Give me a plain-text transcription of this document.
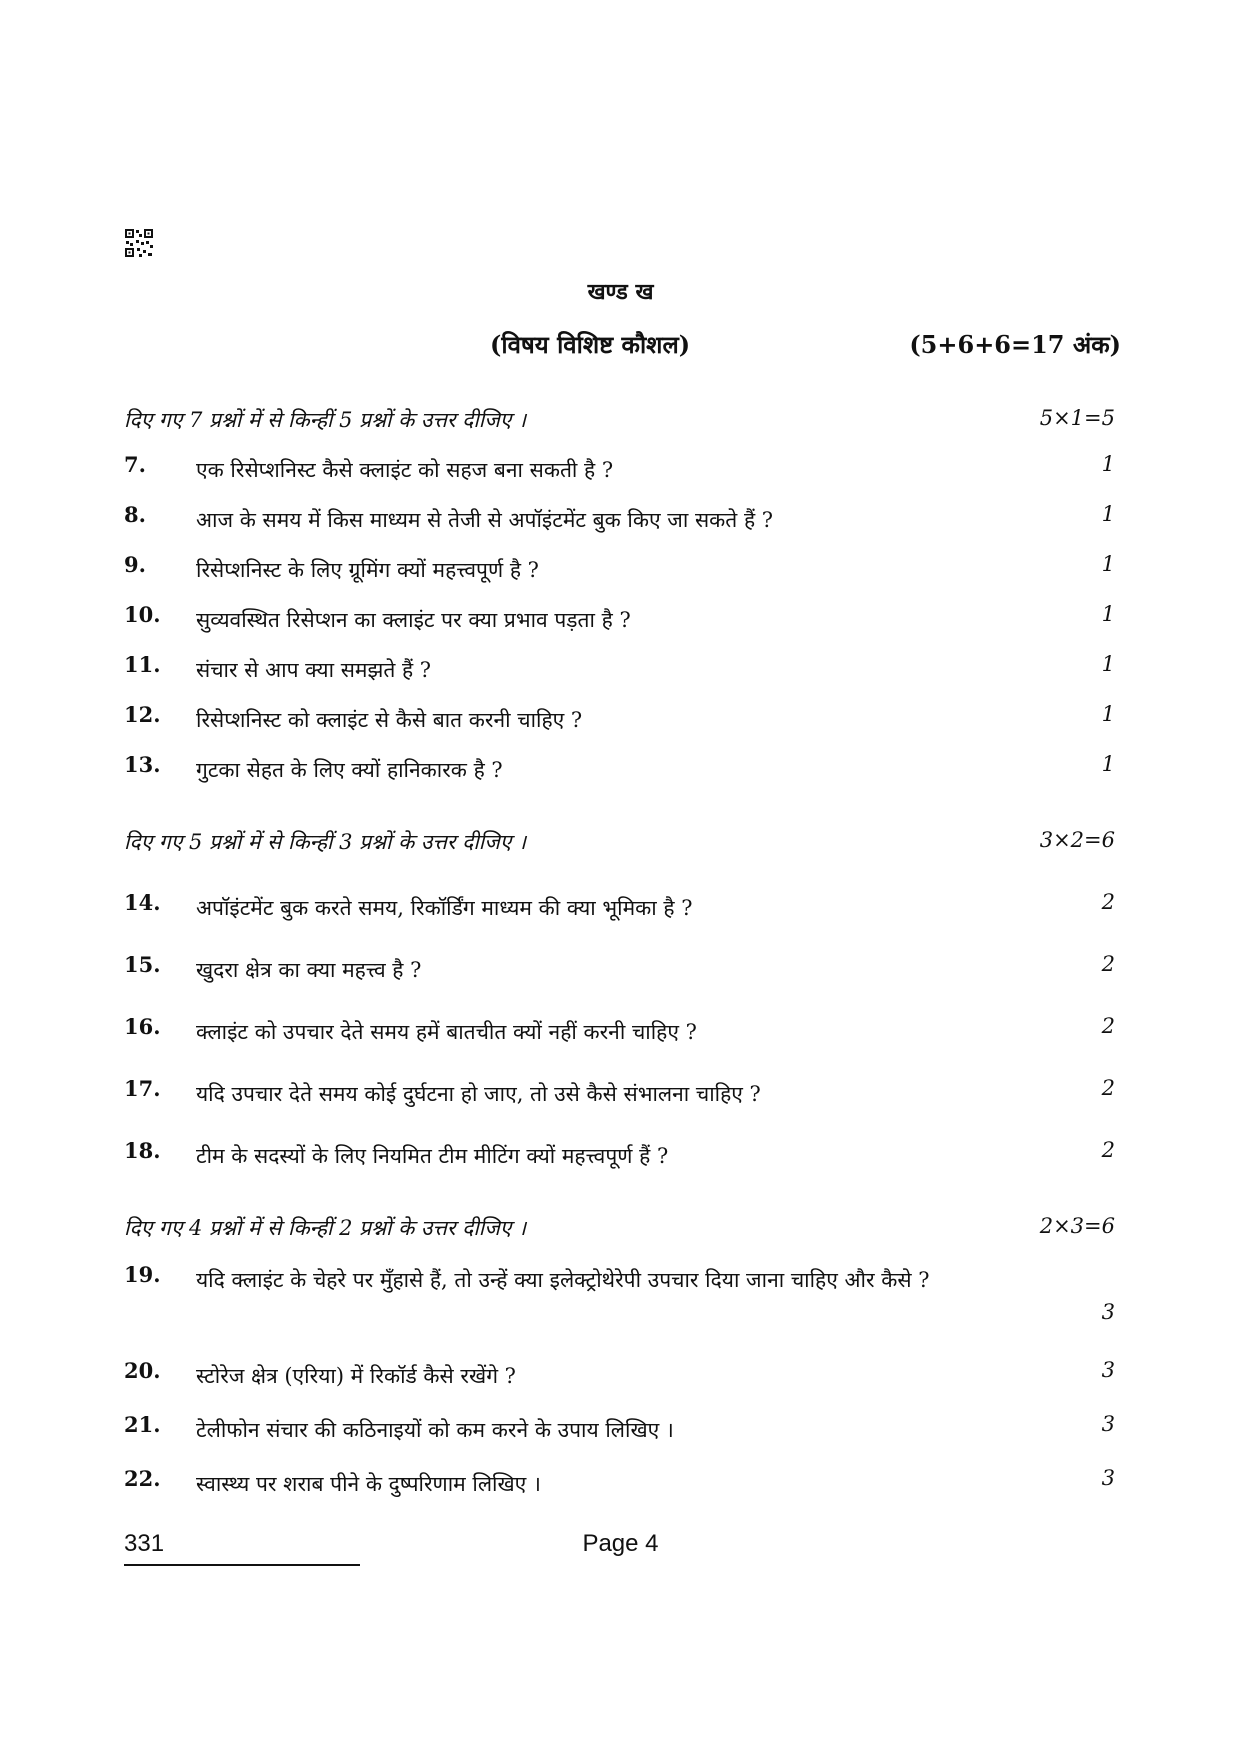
खण्ड ख
(विषय विशिष्ट कौशल)	(5+6+6=17 अंक)
दिए गए 7 प्रश्नों में से किन्हीं 5 प्रश्नों के उत्तर दीजिए ।	5×1=5
7. एक रिसेप्शनिस्ट कैसे क्लाइंट को सहज बना सकती है ?	1
8. आज के समय में किस माध्यम से तेजी से अपॉइंटमेंट बुक किए जा सकते हैं ?	1
9. रिसेप्शनिस्ट के लिए ग्रूमिंग क्यों महत्त्वपूर्ण है ?	1
10. सुव्यवस्थित रिसेप्शन का क्लाइंट पर क्या प्रभाव पड़ता है ?	1
11. संचार से आप क्या समझते हैं ?	1
12. रिसेप्शनिस्ट को क्लाइंट से कैसे बात करनी चाहिए ?	1
13. गुटका सेहत के लिए क्यों हानिकारक है ?	1
दिए गए 5 प्रश्नों में से किन्हीं 3 प्रश्नों के उत्तर दीजिए ।	3×2=6
14. अपॉइंटमेंट बुक करते समय, रिकॉर्डिंग माध्यम की क्या भूमिका है ?	2
15. खुदरा क्षेत्र का क्या महत्त्व है ?	2
16. क्लाइंट को उपचार देते समय हमें बातचीत क्यों नहीं करनी चाहिए ?	2
17. यदि उपचार देते समय कोई दुर्घटना हो जाए, तो उसे कैसे संभालना चाहिए ?	2
18. टीम के सदस्यों के लिए नियमित टीम मीटिंग क्यों महत्त्वपूर्ण हैं ?	2
दिए गए 4 प्रश्नों में से किन्हीं 2 प्रश्नों के उत्तर दीजिए ।	2×3=6
19. यदि क्लाइंट के चेहरे पर मुँहासे हैं, तो उन्हें क्या इलेक्ट्रोथेरेपी उपचार दिया जाना चाहिए और कैसे ?
3
20. स्टोरेज क्षेत्र (एरिया) में रिकॉर्ड कैसे रखेंगे ?	3
21. टेलीफोन संचार की कठिनाइयों को कम करने के उपाय लिखिए ।	3
22. स्वास्थ्य पर शराब पीने के दुष्परिणाम लिखिए ।	3
331	Page 4
